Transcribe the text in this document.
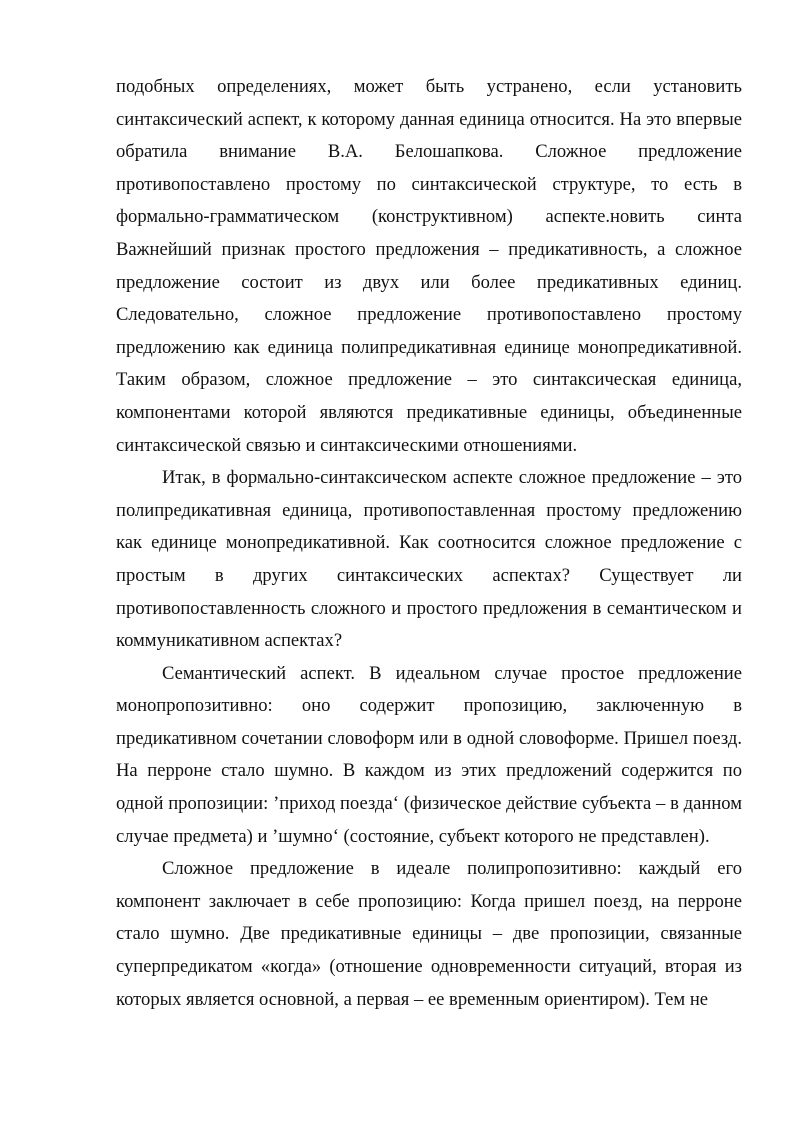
подобных определениях, может быть устранено, если установить синтаксический аспект, к которому данная единица относится. На это впервые обратила внимание В.А. Белошапкова. Сложное предложение противопоставлено простому по синтаксической структуре, то есть в формально-грамматическом (конструктивном) аспекте.новить синта Важнейший признак простого предложения – предикативность, а сложное предложение состоит из двух или более предикативных единиц. Следовательно, сложное предложение противопоставлено простому предложению как единица полипредикативная единице монопредикативной. Таким образом, сложное предложение – это синтаксическая единица, компонентами которой являются предикативные единицы, объединенные синтаксической связью и синтаксическими отношениями.

Итак, в формально-синтаксическом аспекте сложное предложение – это полипредикативная единица, противопоставленная простому предложению как единице монопредикативной. Как соотносится сложное предложение с простым в других синтаксических аспектах? Существует ли противопоставленность сложного и простого предложения в семантическом и коммуникативном аспектах?

Семантический аспект. В идеальном случае простое предложение монопропозитивно: оно содержит пропозицию, заключенную в предикативном сочетании словоформ или в одной словоформе. Пришел поезд. На перроне стало шумно. В каждом из этих предложений содержится по одной пропозиции: ’приход поезда‘ (физическое действие субъекта – в данном случае предмета) и ’шумно‘ (состояние, субъект которого не представлен).

Сложное предложение в идеале полипропозитивно: каждый его компонент заключает в себе пропозицию: Когда пришел поезд, на перроне стало шумно. Две предикативные единицы – две пропозиции, связанные суперпредикатом «когда» (отношение одновременности ситуаций, вторая из которых является основной, а первая – ее временным ориентиром). Тем не
